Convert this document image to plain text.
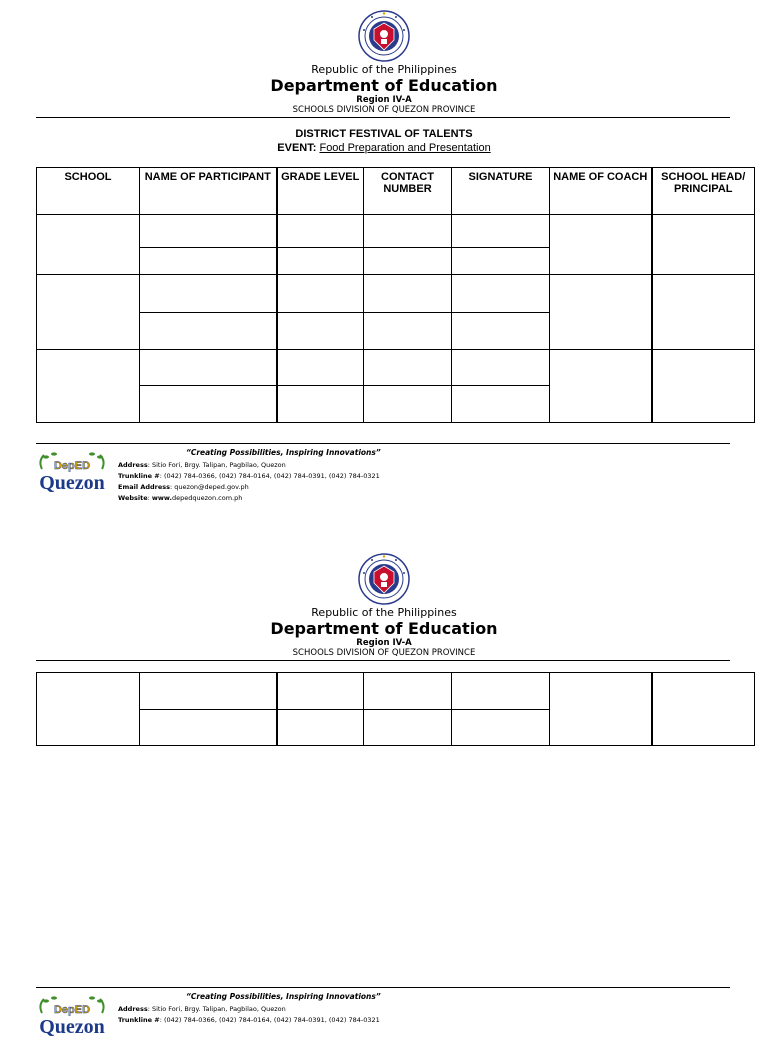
Republic of the Philippines
Department of Education
Region IV-A
SCHOOLS DIVISION OF QUEZON PROVINCE
DISTRICT FESTIVAL OF TALENTS
EVENT: Food Preparation and Presentation
SCHOOL	NAME OF PARTICIPANT	GRADE LEVEL	CONTACT NUMBER	SIGNATURE	NAME OF COACH	SCHOOL HEAD/ PRINCIPAL

DepED
Quezon
“Creating Possibilities, Inspiring Innovations”
Address: Sitio Fori, Brgy. Talipan, Pagbilao, Quezon
Trunkline #: (042) 784-0366, (042) 784-0164, (042) 784-0391, (042) 784-0321
Email Address: quezon@deped.gov.ph
Website: www.depedquezon.com.ph
Republic of the Philippines
Department of Education
Region IV-A
SCHOOLS DIVISION OF QUEZON PROVINCE

DepED
Quezon
“Creating Possibilities, Inspiring Innovations”
Address: Sitio Fori, Brgy. Talipan, Pagbilao, Quezon
Trunkline #: (042) 784-0366, (042) 784-0164, (042) 784-0391, (042) 784-0321
